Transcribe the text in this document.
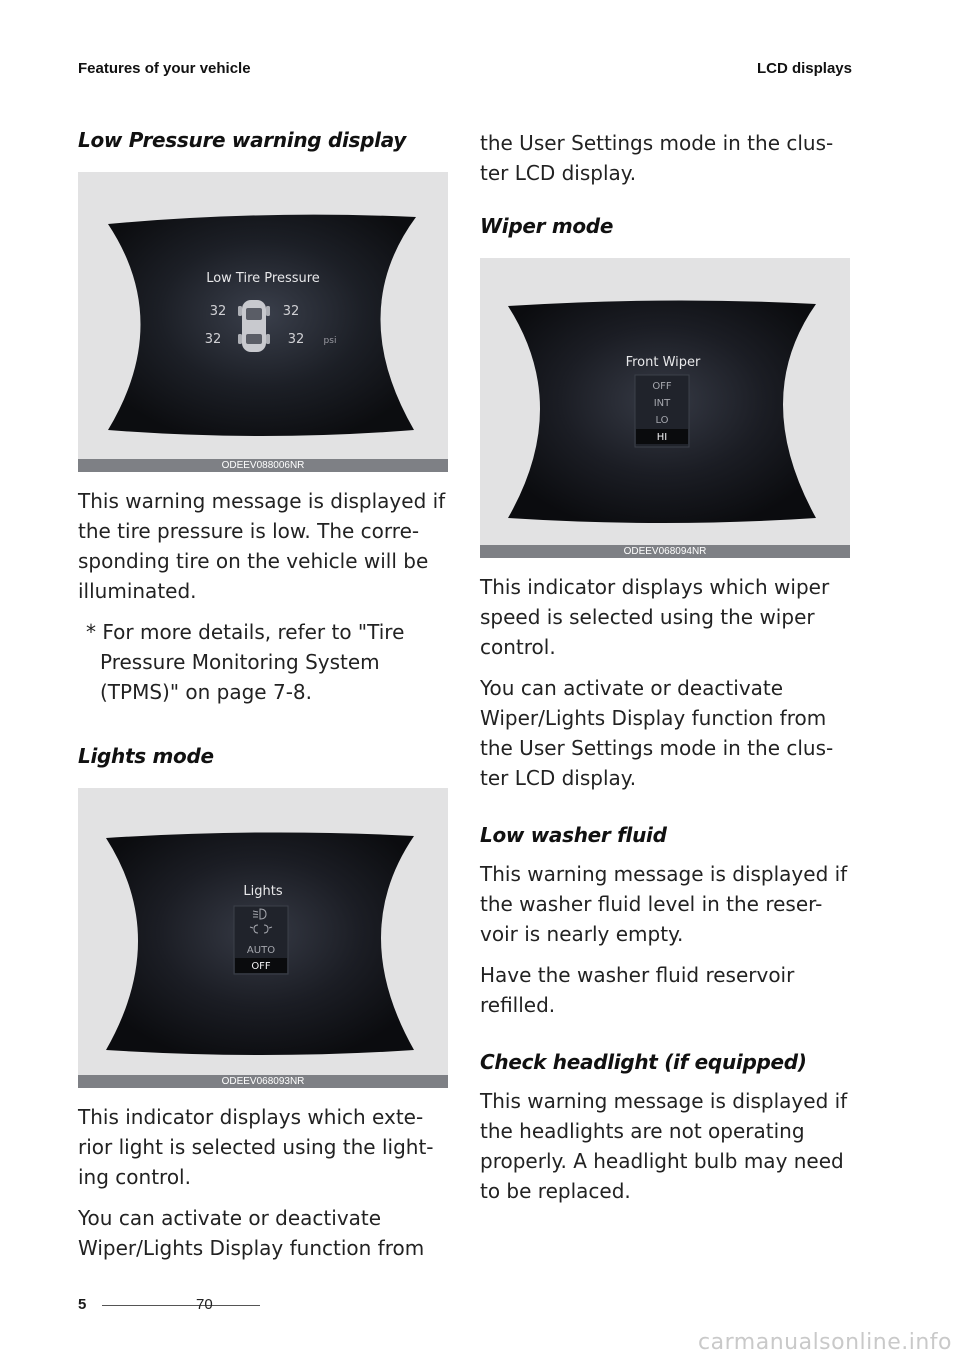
Features of your vehicle	LCD displays
Low Pressure warning display
Low Tire Pressure
32	32
32	32 psi
ODEEV088006NR

This warning message is displayed if the tire pressure is low. The corre-sponding tire on the vehicle will be illuminated.

* For more details, refer to "Tire Pressure Monitoring System (TPMS)" on page 7-8.

Lights mode
Lights
AUTO
OFF
ODEEV068093NR

This indicator displays which exte-rior light is selected using the light-ing control.

You can activate or deactivate Wiper/Lights Display function from

the User Settings mode in the clus-ter LCD display.

Wiper mode
Front Wiper
OFF
INT
LO
HI
ODEEV068094NR

This indicator displays which wiper speed is selected using the wiper control.

You can activate or deactivate Wiper/Lights Display function from the User Settings mode in the clus-ter LCD display.

Low washer fluid

This warning message is displayed if the washer fluid level in the reser-voir is nearly empty.

Have the washer fluid reservoir refilled.

Check headlight (if equipped)

This warning message is displayed if the headlights are not operating properly. A headlight bulb may need to be replaced.

5	70
carmanualsonline.info
